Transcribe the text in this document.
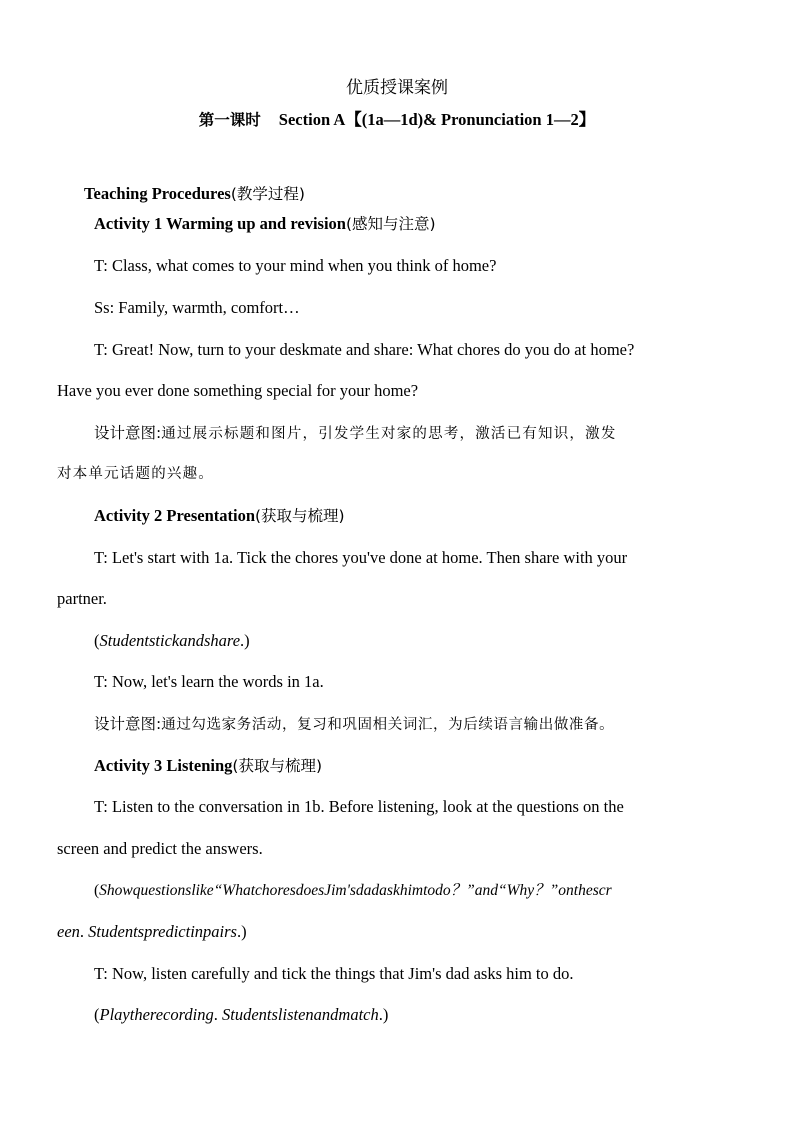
优质授课案例
第一课时 Section A【(1a—1d)& Pronunciation 1—2】
Teaching Procedures(教学过程)
Activity 1 Warming up and revision(感知与注意)
T: Class, what comes to your mind when you think of home?
Ss: Family, warmth, comfort…
T: Great! Now, turn to your deskmate and share: What chores do you do at home?
Have you ever done something special for your home?
设计意图:通过展示标题和图片，引发学生对家的思考，激活已有知识，激发
对本单元话题的兴趣。
Activity 2 Presentation(获取与梳理)
T: Let's start with 1a. Tick the chores you've done at home. Then share with your
partner.
(Studentstickandshare.)
T: Now, let's learn the words in 1a.
设计意图:通过勾选家务活动，复习和巩固相关词汇，为后续语言输出做准备。
Activity 3 Listening(获取与梳理)
T: Listen to the conversation in 1b. Before listening, look at the questions on the
screen and predict the answers.
(Showquestionslike“WhatchoresdoesJim'sdadaskhimtodo？”and“Why？”onthescr
een. Studentspredictinpairs.)
T: Now, listen carefully and tick the things that Jim's dad asks him to do.
(Playtherecording. Studentslistenandmatch.)
